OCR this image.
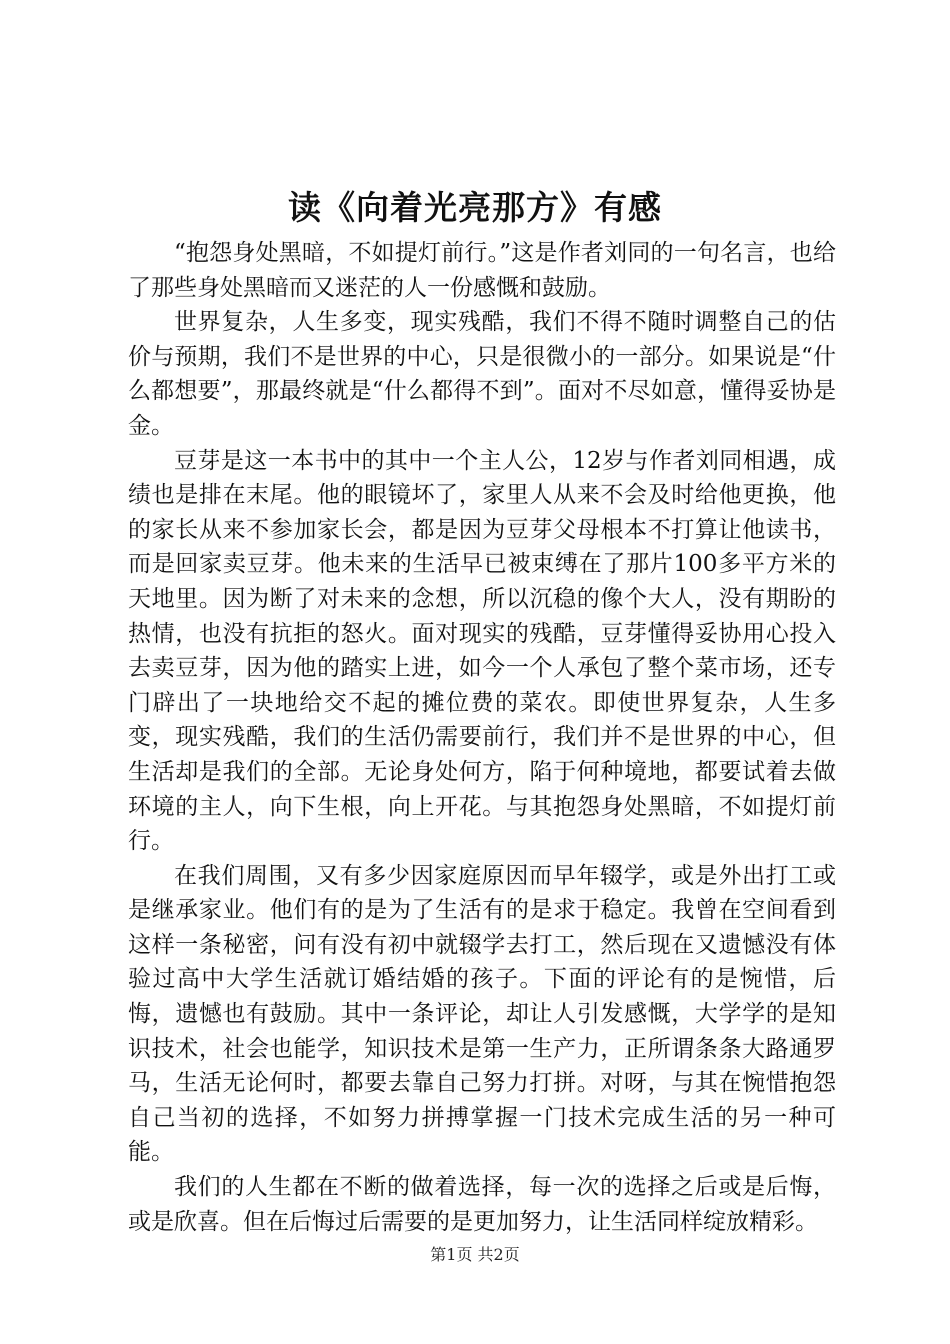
读《向着光亮那方》有感

“抱怨身处黑暗，不如提灯前行。”这是作者刘同的一句名言，也给了那些身处黑暗而又迷茫的人一份感慨和鼓励。

世界复杂，人生多变，现实残酷，我们不得不随时调整自己的估价与预期，我们不是世界的中心，只是很微小的一部分。如果说是“什么都想要”，那最终就是“什么都得不到”。面对不尽如意，懂得妥协是金。

豆芽是这一本书中的其中一个主人公，12岁与作者刘同相遇，成绩也是排在末尾。他的眼镜坏了，家里人从来不会及时给他更换，他的家长从来不参加家长会，都是因为豆芽父母根本不打算让他读书，而是回家卖豆芽。他未来的生活早已被束缚在了那片100多平方米的天地里。因为断了对未来的念想，所以沉稳的像个大人，没有期盼的热情，也没有抗拒的怒火。面对现实的残酷，豆芽懂得妥协用心投入去卖豆芽，因为他的踏实上进，如今一个人承包了整个菜市场，还专门辟出了一块地给交不起的摊位费的菜农。即使世界复杂，人生多变，现实残酷，我们的生活仍需要前行，我们并不是世界的中心，但生活却是我们的全部。无论身处何方，陷于何种境地，都要试着去做环境的主人，向下生根，向上开花。与其抱怨身处黑暗，不如提灯前行。

在我们周围，又有多少因家庭原因而早年辍学，或是外出打工或是继承家业。他们有的是为了生活有的是求于稳定。我曾在空间看到这样一条秘密，问有没有初中就辍学去打工，然后现在又遗憾没有体验过高中大学生活就订婚结婚的孩子。下面的评论有的是惋惜，后悔，遗憾也有鼓励。其中一条评论，却让人引发感慨，大学学的是知识技术，社会也能学，知识技术是第一生产力，正所谓条条大路通罗马，生活无论何时，都要去靠自己努力打拼。对呀，与其在惋惜抱怨自己当初的选择，不如努力拼搏掌握一门技术完成生活的另一种可能。

我们的人生都在不断的做着选择，每一次的选择之后或是后悔，或是欣喜。但在后悔过后需要的是更加努力，让生活同样绽放精彩。

第1页 共2页
